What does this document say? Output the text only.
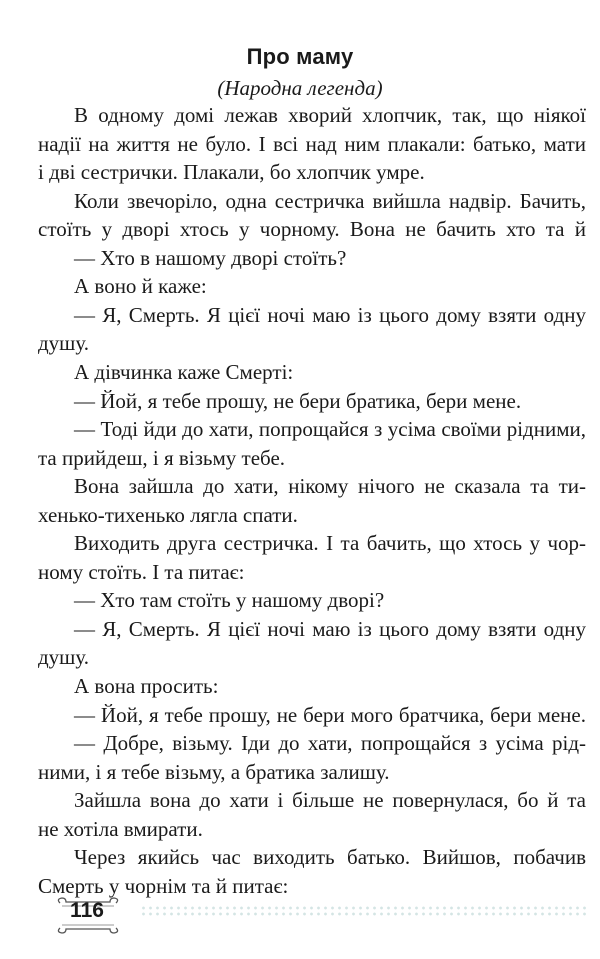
Про маму
(Народна легенда)
В одному домі лежав хворий хлопчик, так, що ніякої
надії на життя не було. І всі над ним плакали: батько, мати
і дві сестрички. Плакали, бо хлопчик умре.
Коли звечоріло, одна сестричка вийшла надвір. Бачить,
стоїть у дворі хтось у чорному. Вона не бачить хто та й
— Хто в нашому дворі стоїть?
А воно й каже:
— Я, Смерть. Я цієї ночі маю із цього дому взяти одну
душу.
А дівчинка каже Смерті:
— Йой, я тебе прошу, не бери братика, бери мене.
— Тоді йди до хати, попрощайся з усіма своїми рідними,
та прийдеш, і я візьму тебе.
Вона зайшла до хати, нікому нічого не сказала та ти-
хенько-тихенько лягла спати.
Виходить друга сестричка. І та бачить, що хтось у чор-
ному стоїть. І та питає:
— Хто там стоїть у нашому дворі?
— Я, Смерть. Я цієї ночі маю із цього дому взяти одну
душу.
А вона просить:
— Йой, я тебе прошу, не бери мого братчика, бери мене.
— Добре, візьму. Іди до хати, попрощайся з усіма рід-
ними, і я тебе візьму, а братика залишу.
Зайшла вона до хати і більше не повернулася, бо й та
не хотіла вмирати.
Через якийсь час виходить батько. Вийшов, побачив
Смерть у чорнім та й питає:
116
